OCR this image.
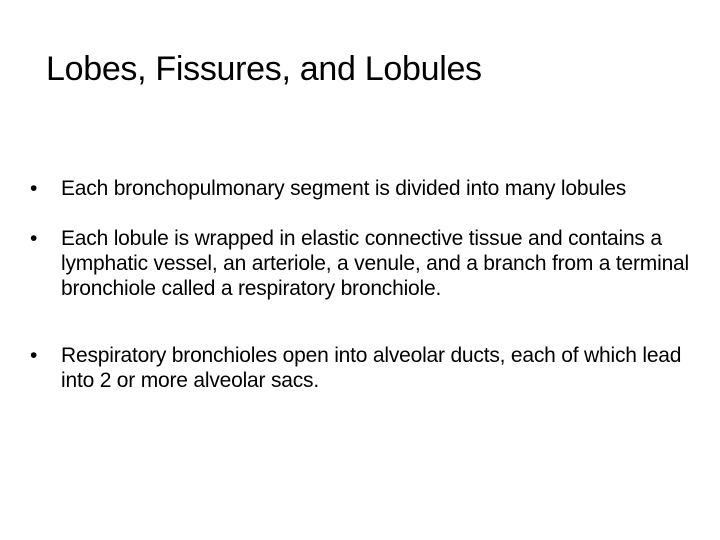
Lobes, Fissures, and Lobules
•	Each bronchopulmonary segment is divided into many lobules
•	Each lobule is wrapped in elastic connective tissue and contains a lymphatic vessel, an arteriole, a venule, and a branch from a terminal bronchiole called a respiratory bronchiole.
•	Respiratory bronchioles open into alveolar ducts, each of which lead into 2 or more alveolar sacs.
